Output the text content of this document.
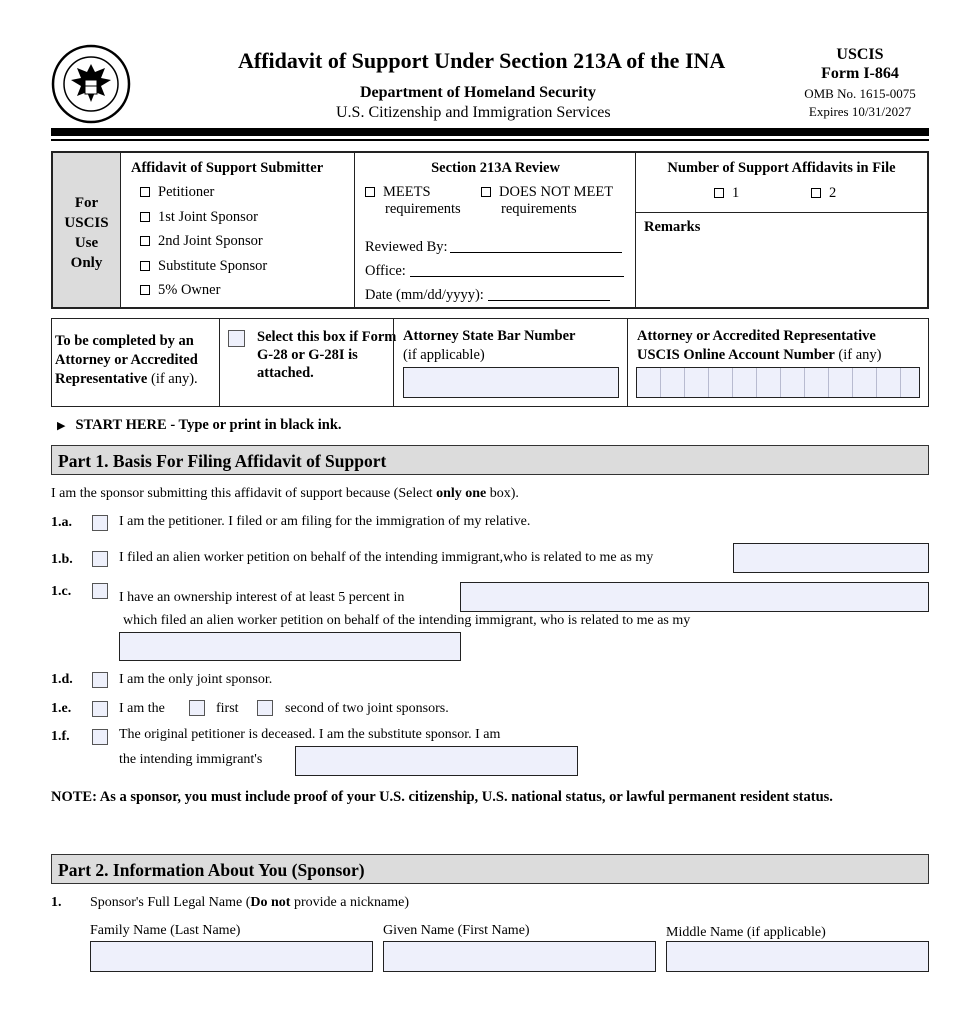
Affidavit of Support Under Section 213A of the INA
Department of Homeland Security
U.S. Citizenship and Immigration Services
USCIS
Form I-864
OMB No. 1615-0075
Expires 10/31/2027
For
USCIS
Use
Only
Affidavit of Support Submitter
Petitioner
1st Joint Sponsor
2nd Joint Sponsor
Substitute Sponsor
5% Owner
Section 213A Review
MEETS
requirements
DOES NOT MEET
requirements
Reviewed By:
Office:
Date (mm/dd/yyyy):
Number of Support Affidavits in File
1	2
Remarks
To be completed by an Attorney or Accredited Representative (if any).
Select this box if Form G-28 or G-28I is attached.
Attorney State Bar Number
(if applicable)
Attorney or Accredited Representative
USCIS Online Account Number (if any)
▶ START HERE - Type or print in black ink.
Part 1. Basis For Filing Affidavit of Support
I am the sponsor submitting this affidavit of support because (Select only one box).
1.a.	I am the petitioner. I filed or am filing for the immigration of my relative.
1.b.	I filed an alien worker petition on behalf of the intending immigrant,who is related to me as my
1.c.	I have an ownership interest of at least 5 percent in
which filed an alien worker petition on behalf of the intending immigrant, who is related to me as my
1.d.	I am the only joint sponsor.
1.e.	I am the	first	second of two joint sponsors.
1.f.	The original petitioner is deceased. I am the substitute sponsor. I am
the intending immigrant's
NOTE: As a sponsor, you must include proof of your U.S. citizenship, U.S. national status, or lawful permanent resident status.
Part 2. Information About You (Sponsor)
1. Sponsor's Full Legal Name (Do not provide a nickname)
Family Name (Last Name)	Given Name (First Name)	Middle Name (if applicable)
